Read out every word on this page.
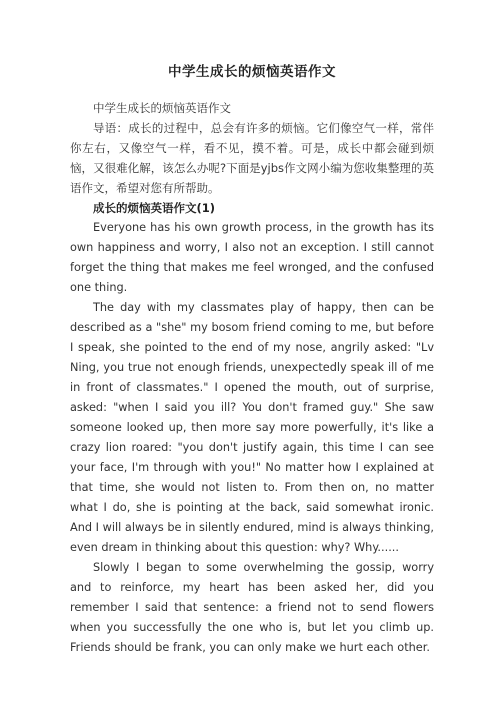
中学生成长的烦恼英语作文

中学生成长的烦恼英语作文

导语：成长的过程中，总会有许多的烦恼。它们像空气一样，常伴你左右，又像空气一样，看不见，摸不着。可是，成长中都会碰到烦恼，又很难化解，该怎么办呢?下面是yjbs作文网小编为您收集整理的英语作文，希望对您有所帮助。

成长的烦恼英语作文(1)

Everyone has his own growth process, in the growth has its own happiness and worry, I also not an exception. I still cannot forget the thing that makes me feel wronged, and the confused one thing.

The day with my classmates play of happy, then can be described as a "she" my bosom friend coming to me, but before I speak, she pointed to the end of my nose, angrily asked: "Lv Ning, you true not enough friends, unexpectedly speak ill of me in front of classmates." I opened the mouth, out of surprise, asked: "when I said you ill? You don't framed guy." She saw someone looked up, then more say more powerfully, it's like a crazy lion roared: "you don't justify again, this time I can see your face, I'm through with you!" No matter how I explained at that time, she would not listen to. From then on, no matter what I do, she is pointing at the back, said somewhat ironic. And I will always be in silently endured, mind is always thinking, even dream in thinking about this question: why? Why......

Slowly I began to some overwhelming the gossip, worry and to reinforce, my heart has been asked her, did you remember I said that sentence: a friend not to send flowers when you successfully the one who is, but let you climb up. Friends should be frank, you can only make we hurt each other.
